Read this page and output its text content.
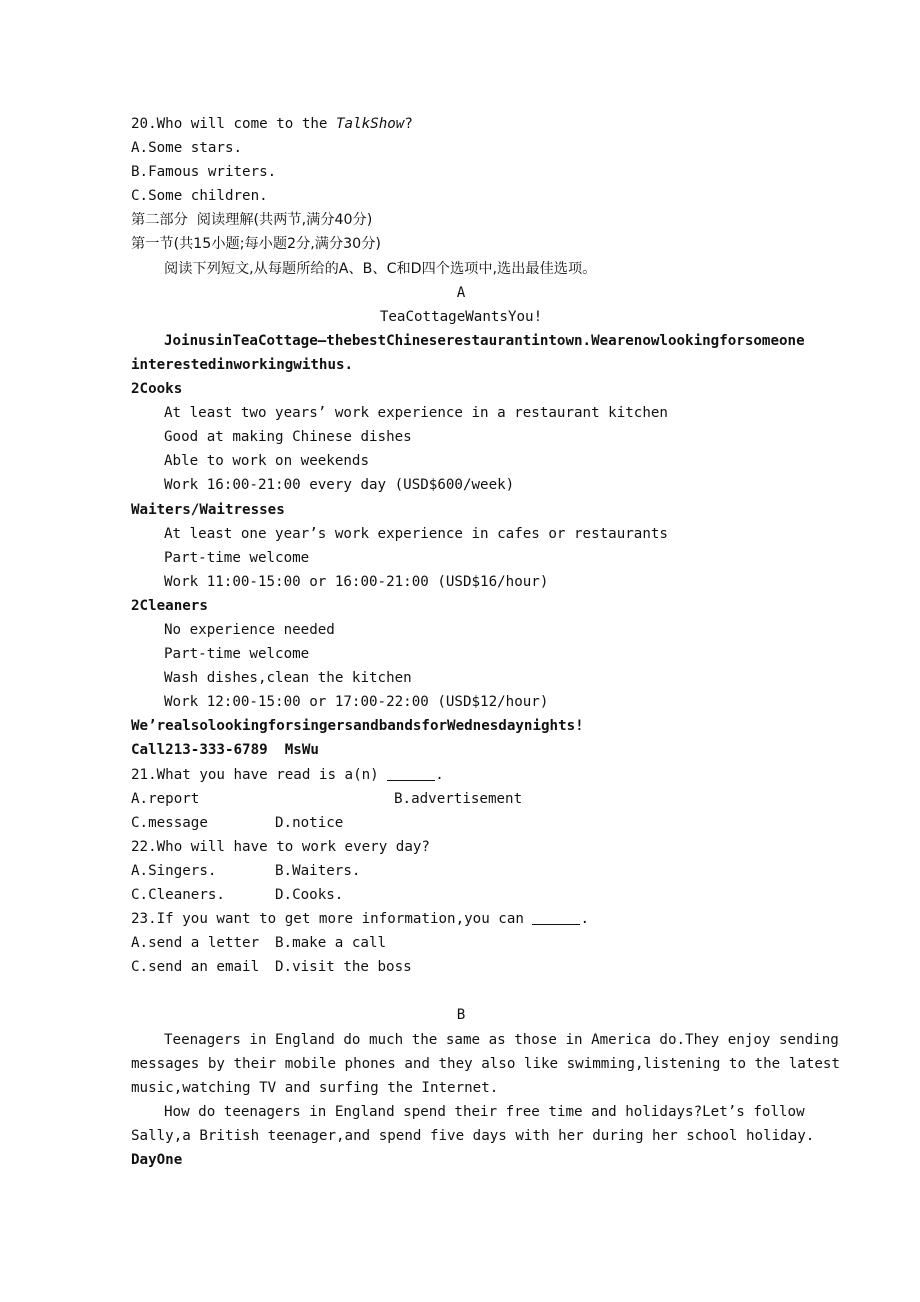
20.Who will come to the TalkShow?
A.Some stars.
B.Famous writers.
C.Some children.
第二部分  阅读理解(共两节,满分40分)
第一节(共15小题;每小题2分,满分30分)
阅读下列短文,从每题所给的A、B、C和D四个选项中,选出最佳选项。
A
TeaCottageWantsYou!
JoinusinTeaCottage—thebestChineserestaurantintown.Wearenowlookingforsomeone
interestedinworkingwithus.
2Cooks
At least two years’ work experience in a restaurant kitchen
Good at making Chinese dishes
Able to work on weekends
Work 16:00-21:00 every day (USD$600/week)
Waiters/Waitresses
At least one year’s work experience in cafes or restaurants
Part-time welcome
Work 11:00-15:00 or 16:00-21:00 (USD$16/hour)
2Cleaners
No experience needed
Part-time welcome
Wash dishes,clean the kitchen
Work 12:00-15:00 or 17:00-22:00 (USD$12/hour)
We’realsolookingforsingersandbandsforWednesdaynights!
Call213-333-6789  MsWu
21.What you have read is a(n)	.
A.report	B.advertisement
C.message	D.notice
22.Who will have to work every day?
A.Singers.	B.Waiters.
C.Cleaners.	D.Cooks.
23.If you want to get more information,you can	.
A.send a letter B.make a call
C.send an email D.visit the boss
B
Teenagers in England do much the same as those in America do.They enjoy sending
messages by their mobile phones and they also like swimming,listening to the latest
music,watching TV and surfing the Internet.
How do teenagers in England spend their free time and holidays?Let’s follow
Sally,a British teenager,and spend five days with her during her school holiday.
DayOne
